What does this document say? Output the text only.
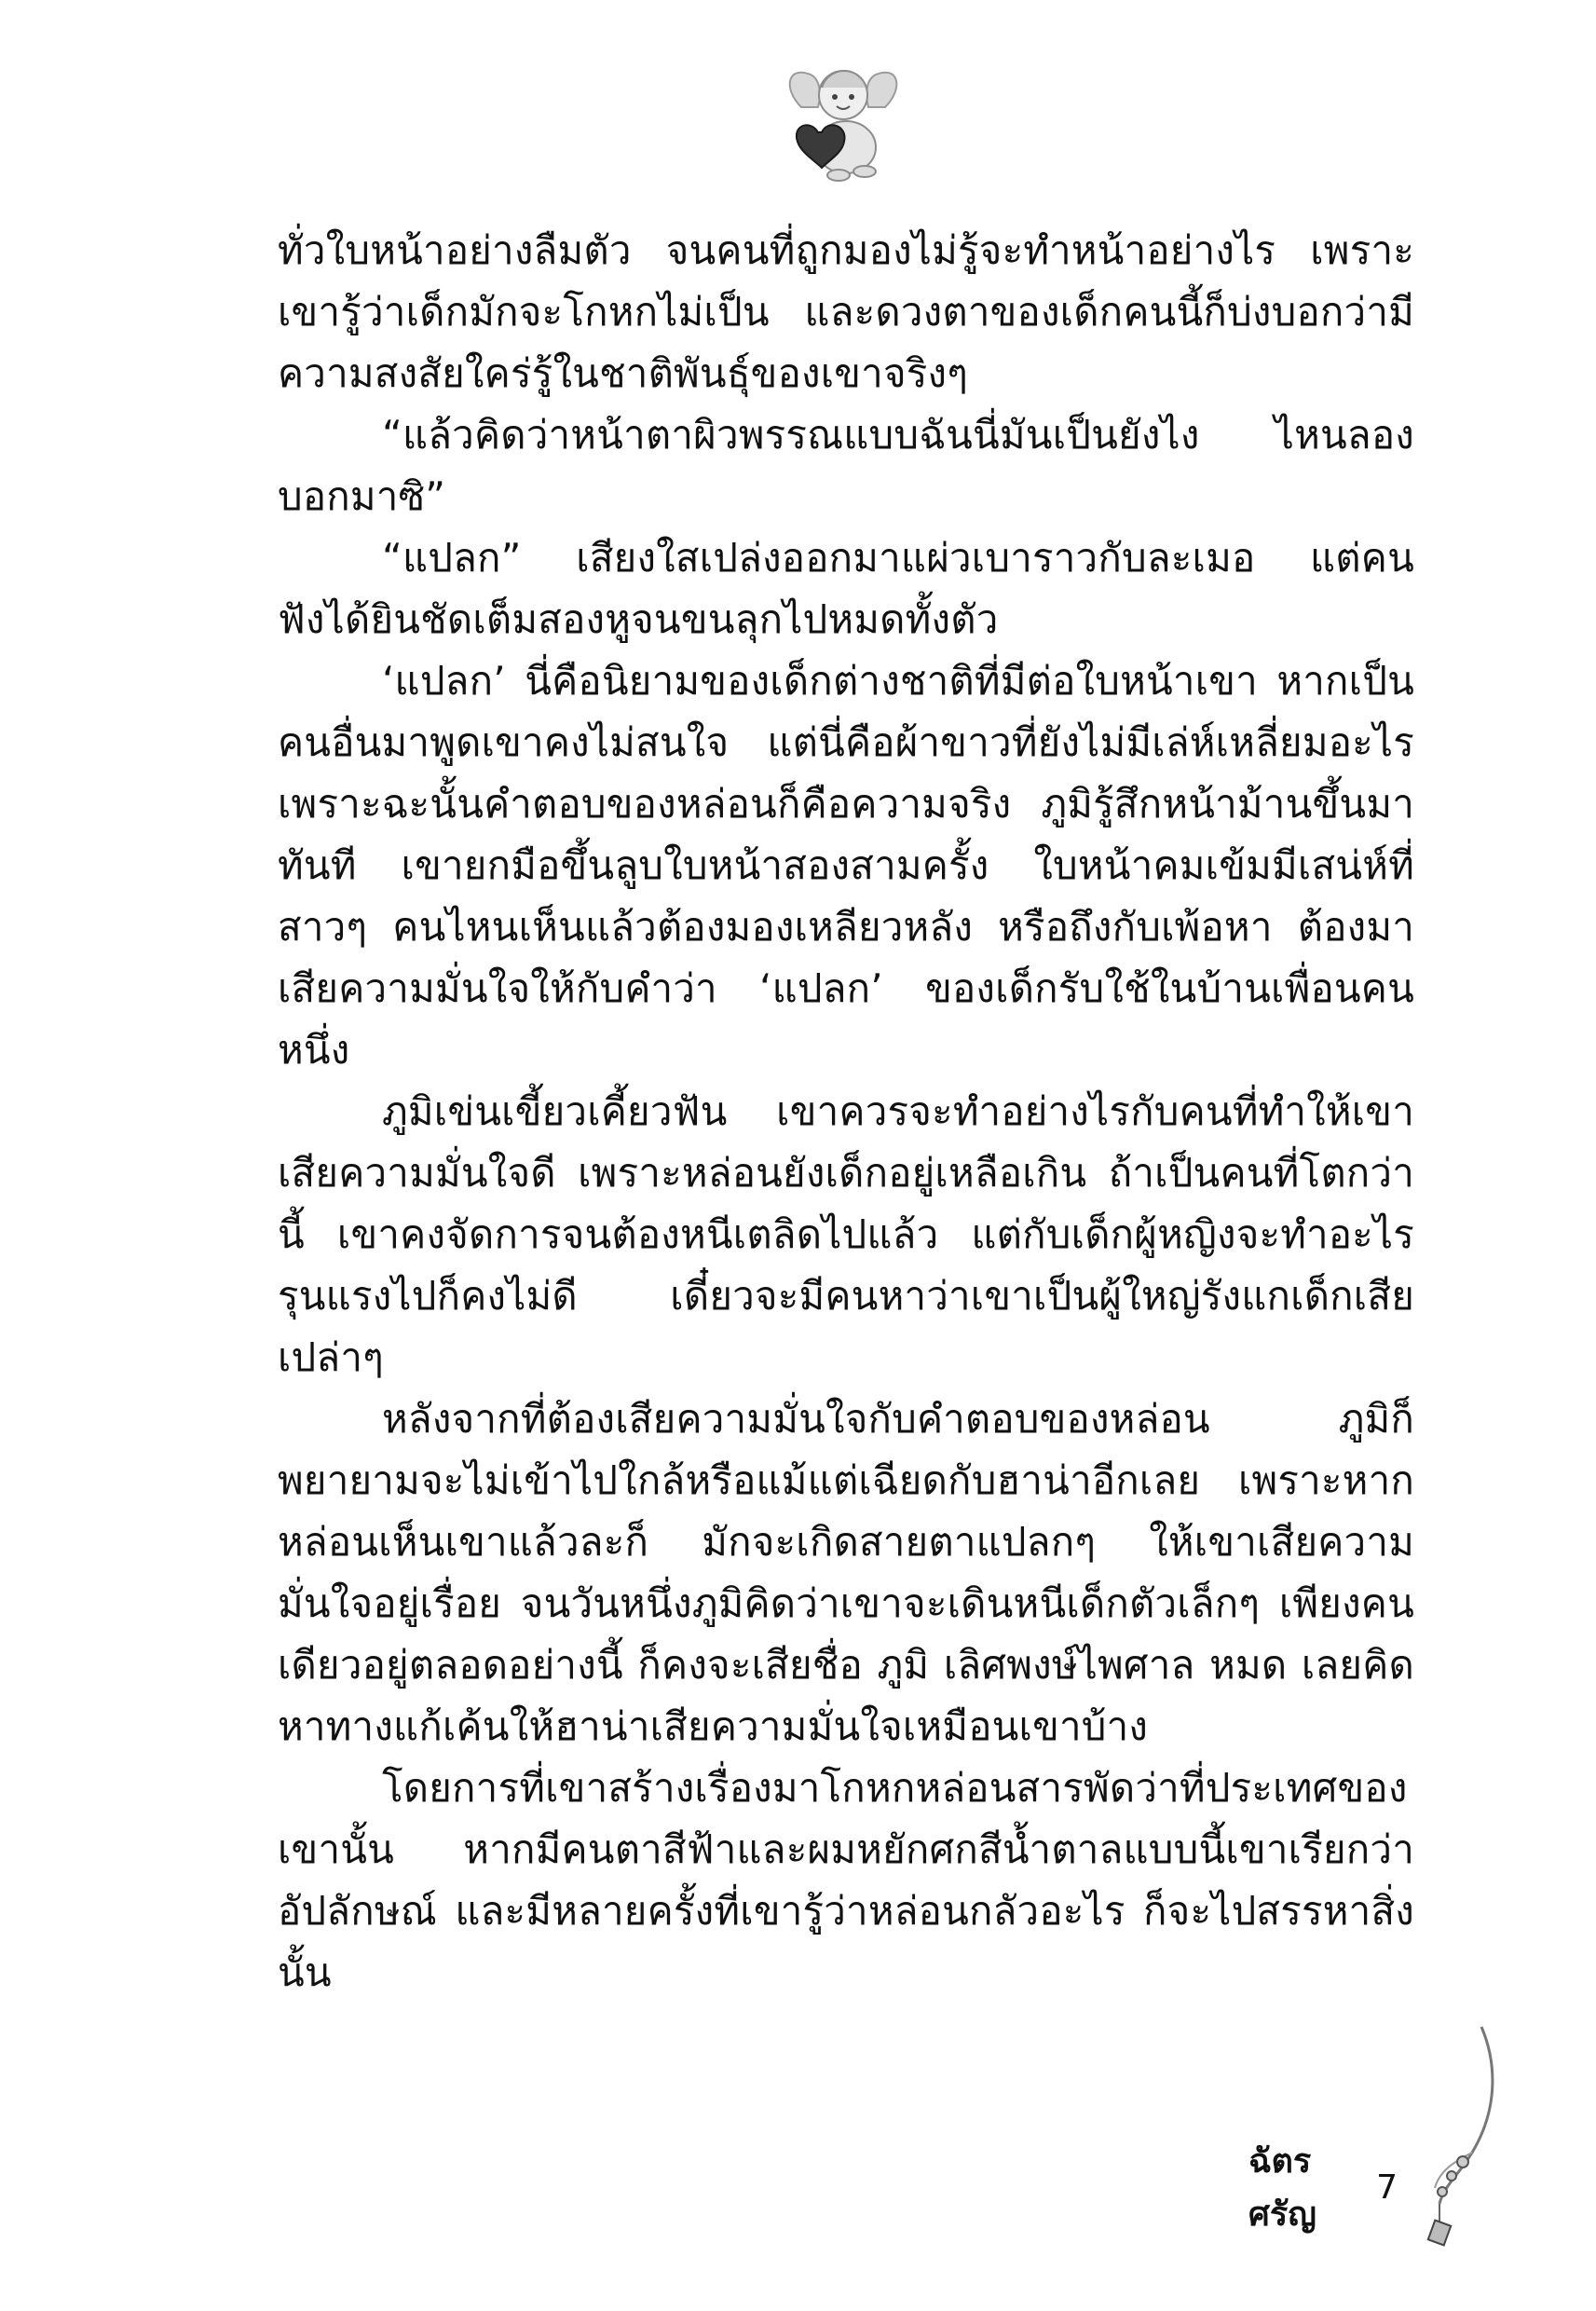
ทั่วใบหน้าอย่างลืมตัว จนคนที่ถูกมองไม่รู้จะทำหน้าอย่างไร เพราะเขารู้ว่าเด็กมักจะโกหกไม่เป็น และดวงตาของเด็กคนนี้ก็บ่งบอกว่ามีความสงสัยใคร่รู้ในชาติพันธุ์ของเขาจริงๆ

“แล้วคิดว่าหน้าตาผิวพรรณแบบฉันนี่มันเป็นยังไง ไหนลองบอกมาซิ”

“แปลก” เสียงใสเปล่งออกมาแผ่วเบาราวกับละเมอ แต่คนฟังได้ยินชัดเต็มสองหูจนขนลุกไปหมดทั้งตัว

‘แปลก’ นี่คือนิยามของเด็กต่างชาติที่มีต่อใบหน้าเขา หากเป็นคนอื่นมาพูดเขาคงไม่สนใจ แต่นี่คือผ้าขาวที่ยังไม่มีเล่ห์เหลี่ยมอะไร เพราะฉะนั้นคำตอบของหล่อนก็คือความจริง ภูมิรู้สึกหน้าม้านขึ้นมาทันที เขายกมือขึ้นลูบใบหน้าสองสามครั้ง ใบหน้าคมเข้มมีเสน่ห์ที่สาวๆ คนไหนเห็นแล้วต้องมองเหลียวหลัง หรือถึงกับเพ้อหา ต้องมาเสียความมั่นใจให้กับคำว่า ‘แปลก’ ของเด็กรับใช้ในบ้านเพื่อนคนหนึ่ง

ภูมิเข่นเขี้ยวเคี้ยวฟัน เขาควรจะทำอย่างไรกับคนที่ทำให้เขาเสียความมั่นใจดี เพราะหล่อนยังเด็กอยู่เหลือเกิน ถ้าเป็นคนที่โตกว่านี้ เขาคงจัดการจนต้องหนีเตลิดไปแล้ว แต่กับเด็กผู้หญิงจะทำอะไรรุนแรงไปก็คงไม่ดี เดี๋ยวจะมีคนหาว่าเขาเป็นผู้ใหญ่รังแกเด็กเสียเปล่าๆ

หลังจากที่ต้องเสียความมั่นใจกับคำตอบของหล่อน ภูมิก็พยายามจะไม่เข้าไปใกล้หรือแม้แต่เฉียดกับฮาน่าอีกเลย เพราะหากหล่อนเห็นเขาแล้วละก็ มักจะเกิดสายตาแปลกๆ ให้เขาเสียความมั่นใจอยู่เรื่อย จนวันหนึ่งภูมิคิดว่าเขาจะเดินหนีเด็กตัวเล็กๆ เพียงคนเดียวอยู่ตลอดอย่างนี้ ก็คงจะเสียชื่อ ภูมิ เลิศพงษ์ไพศาล หมด เลยคิดหาทางแก้เค้นให้ฮาน่าเสียความมั่นใจเหมือนเขาบ้าง

โดยการที่เขาสร้างเรื่องมาโกหกหล่อนสารพัดว่าที่ประเทศของเขานั้น หากมีคนตาสีฟ้าและผมหยักศกสีน้ำตาลแบบนี้เขาเรียกว่าอัปลักษณ์ และมีหลายครั้งที่เขารู้ว่าหล่อนกลัวอะไร ก็จะไปสรรหาสิ่งนั้น

ฉัตรศรัญ
7
